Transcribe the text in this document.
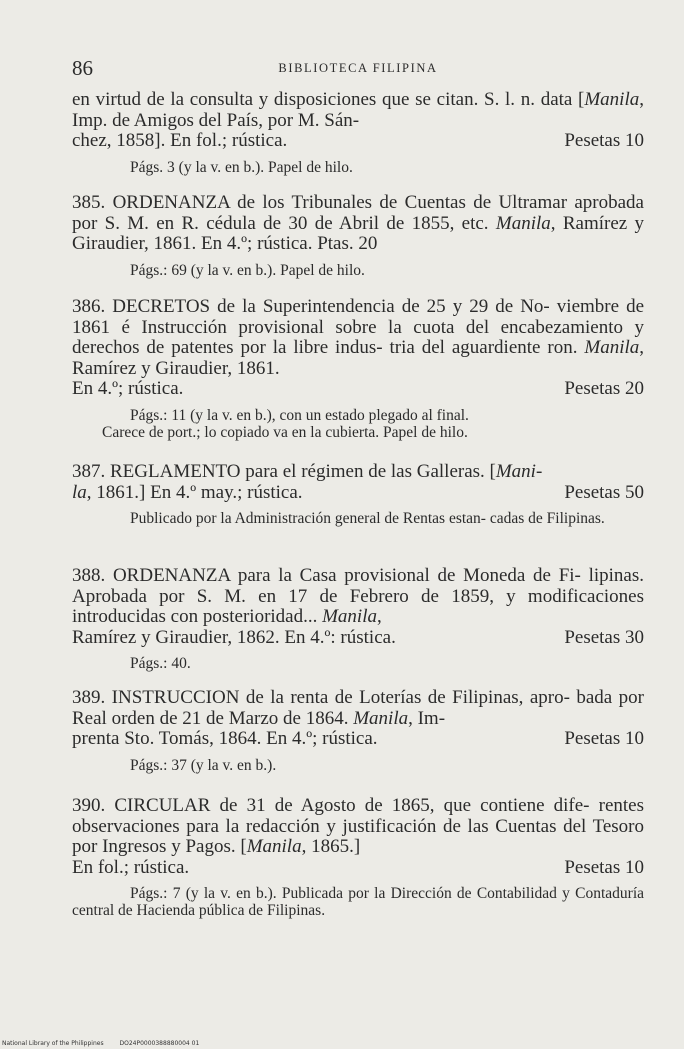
86	BIBLIOTECA FILIPINA

en virtud de la consulta y disposiciones que se citan. S. l. n. data [Manila, Imp. de Amigos del País, por M. Sán-

chez, 1858]. En fol.; rústica.	Pesetas 10

Págs. 3 (y la v. en b.). Papel de hilo.

385. ORDENANZA de los Tribunales de Cuentas de Ultramar aprobada por S. M. en R. cédula de 30 de Abril de 1855, etc. Manila, Ramírez y Giraudier, 1861. En 4.º; rústica. Ptas. 20

Págs.: 69 (y la v. en b.). Papel de hilo.

386. DECRETOS de la Superintendencia de 25 y 29 de No- viembre de 1861 é Instrucción provisional sobre la cuota del encabezamiento y derechos de patentes por la libre indus- tria del aguardiente ron. Manila, Ramírez y Giraudier, 1861.

En 4.º; rústica.	Pesetas 20

Págs.: 11 (y la v. en b.), con un estado plegado al final.
Carece de port.; lo copiado va en la cubierta. Papel de hilo.

387. REGLAMENTO para el régimen de las Galleras. [Mani-

la, 1861.] En 4.º may.; rústica.	Pesetas 50

Publicado por la Administración general de Rentas estan- cadas de Filipinas.

388. ORDENANZA para la Casa provisional de Moneda de Fi- lipinas. Aprobada por S. M. en 17 de Febrero de 1859, y modificaciones introducidas con posterioridad... Manila,

Ramírez y Giraudier, 1862. En 4.º: rústica.	Pesetas 30

Págs.: 40.

389. INSTRUCCION de la renta de Loterías de Filipinas, apro- bada por Real orden de 21 de Marzo de 1864. Manila, Im-

prenta Sto. Tomás, 1864. En 4.º; rústica.	Pesetas 10

Págs.: 37 (y la v. en b.).

390. CIRCULAR de 31 de Agosto de 1865, que contiene dife- rentes observaciones para la redacción y justificación de las Cuentas del Tesoro por Ingresos y Pagos. [Manila, 1865.]

En fol.; rústica.	Pesetas 10

Págs.: 7 (y la v. en b.). Publicada por la Dirección de Contabilidad y Contaduría central de Hacienda pública de Filipinas.

National Library of the Philippines	DO24P0000388880004 01
